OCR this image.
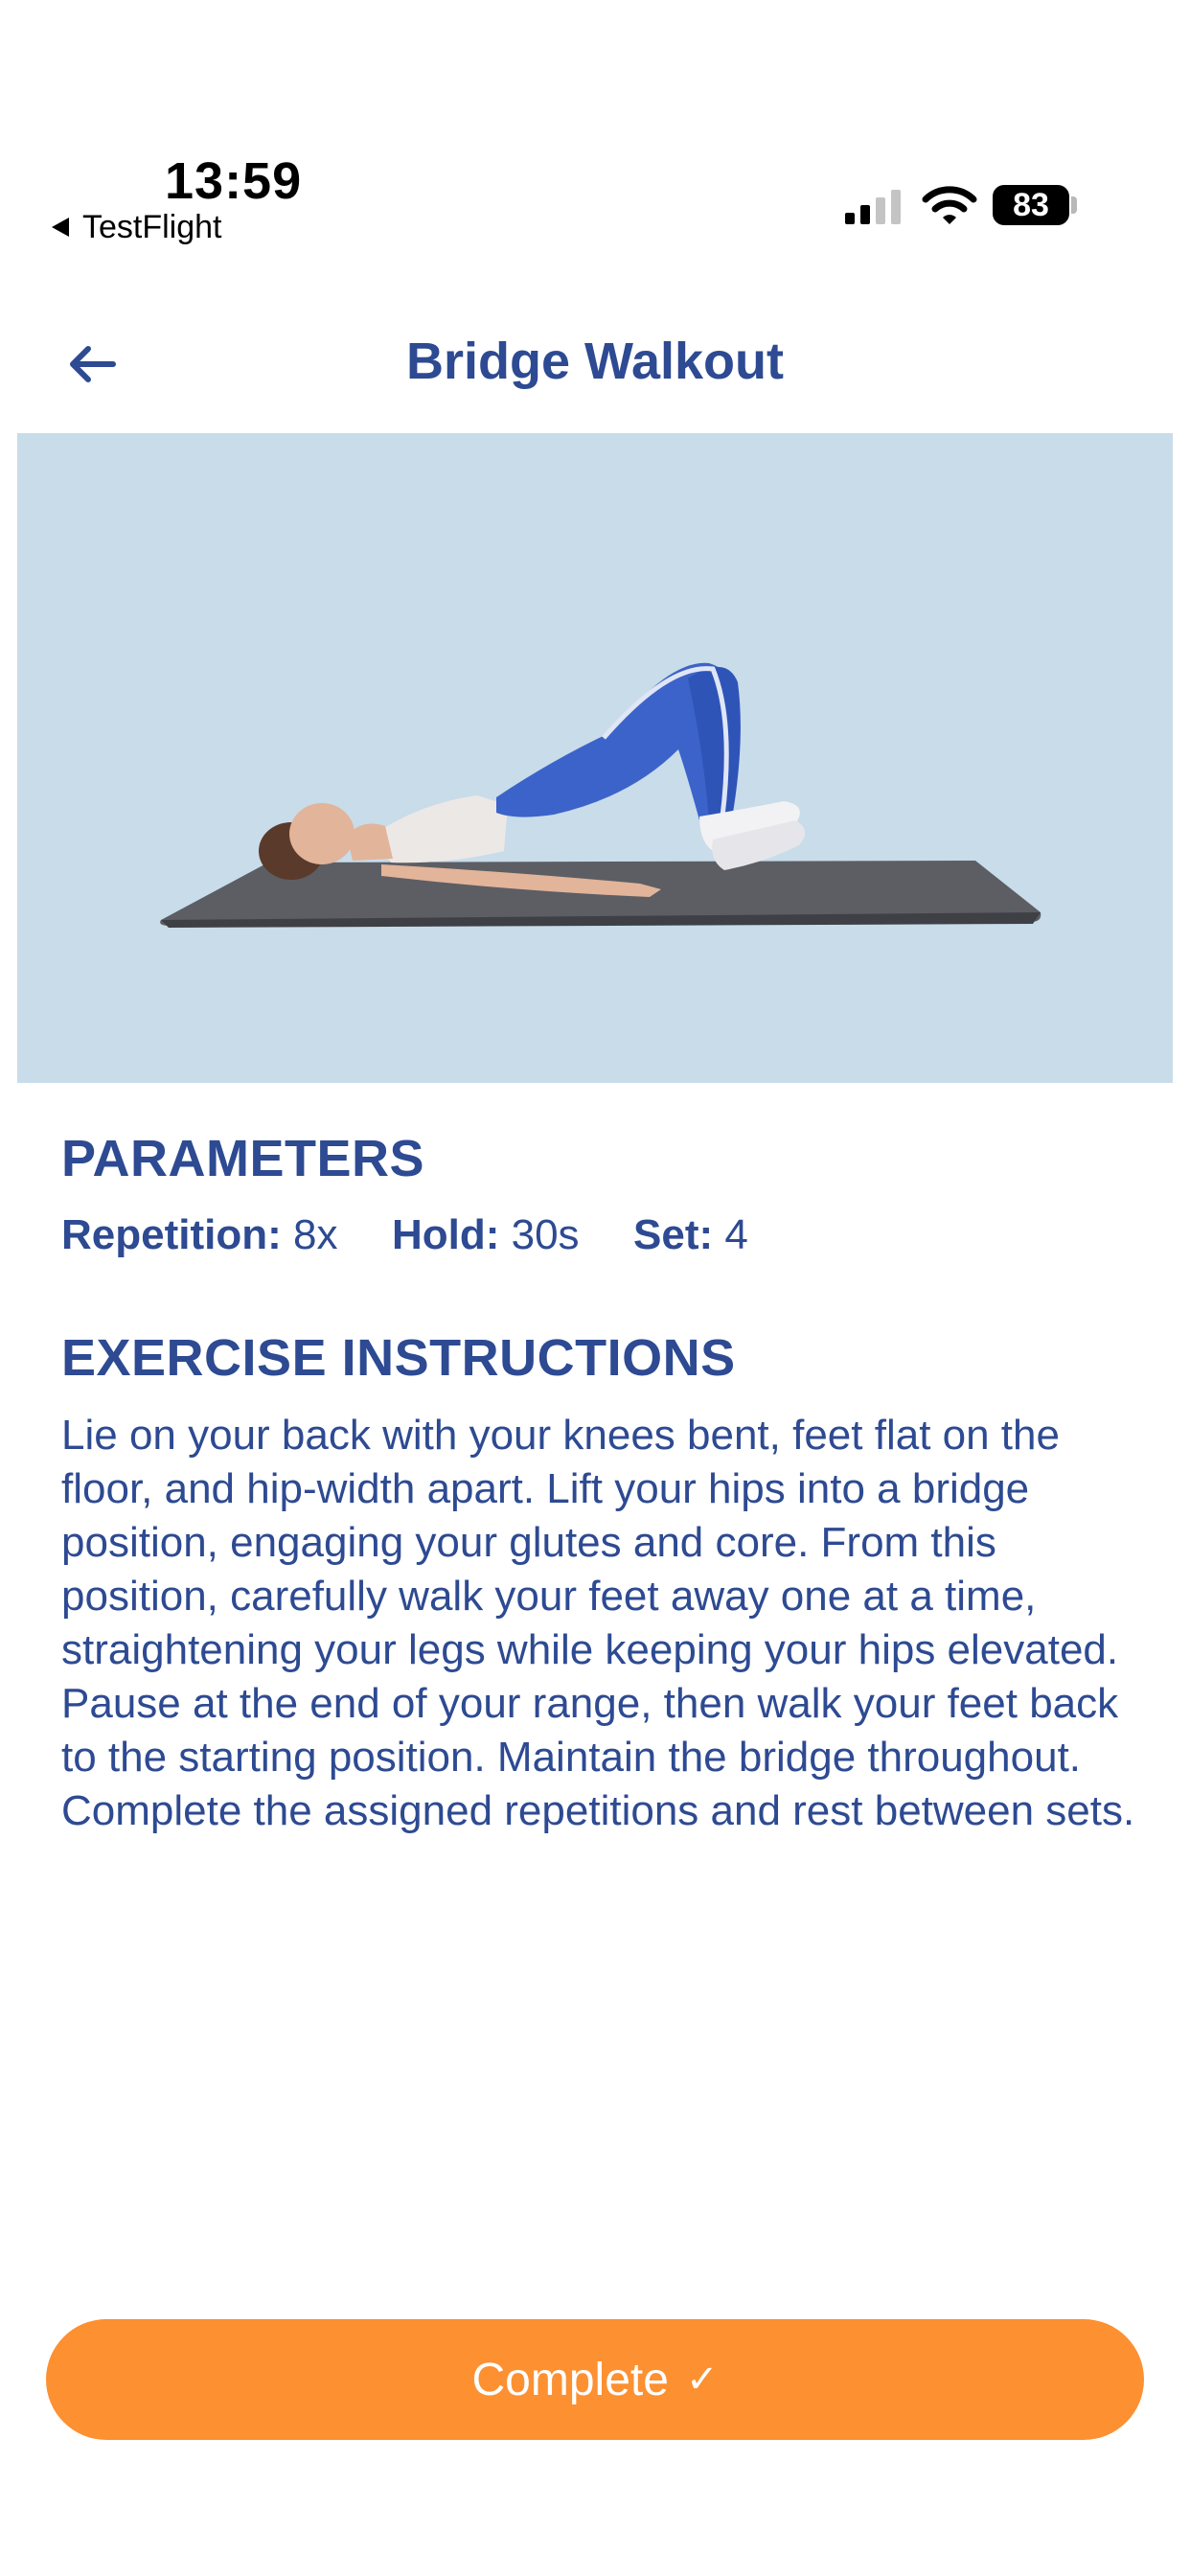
13:59
TestFlight
83
Bridge Walkout
PARAMETERS
Repetition: 8x Hold: 30s Set: 4
EXERCISE INSTRUCTIONS

Lie on your back with your knees bent, feet flat on the floor, and hip-width apart. Lift your hips into a bridge position, engaging your glutes and core. From this position, carefully walk your feet away one at a time, straightening your legs while keeping your hips elevated. Pause at the end of your range, then walk your feet back to the starting position. Maintain the bridge throughout. Complete the assigned repetitions and rest between sets.

Complete ✓
